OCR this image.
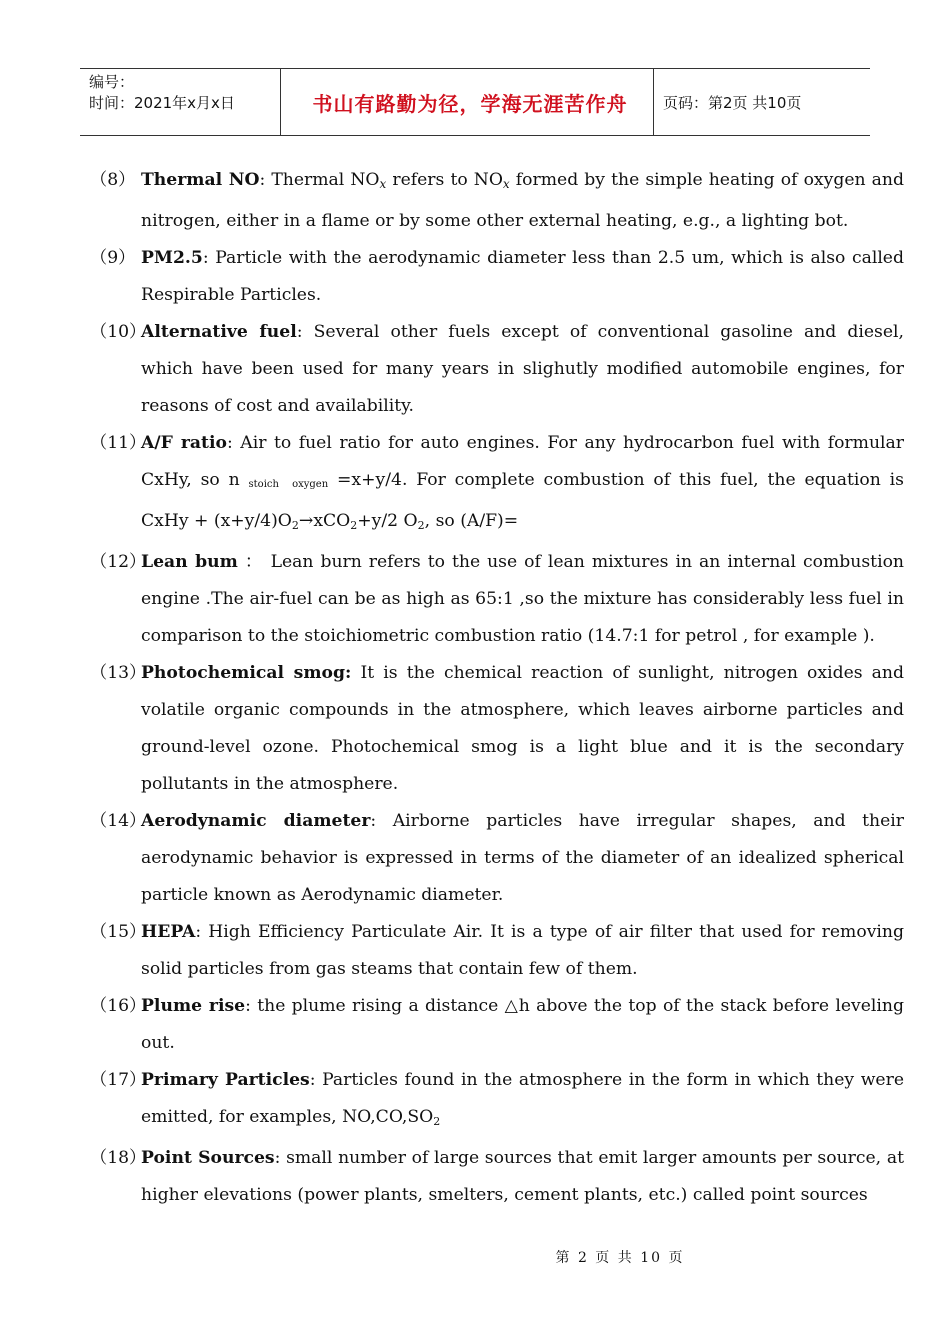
编号：
时间：2021年x月x日	书山有路勤为径，学海无涯苦作舟	页码：第2页 共10页
（8） Thermal NO: Thermal NOx refers to NOx formed by the simple heating of oxygen and nitrogen, either in a flame or by some other external heating, e.g., a lighting bot.
（9） PM2.5: Particle with the aerodynamic diameter less than 2.5 um, which is also called Respirable Particles.
（10）
Alternative fuel: Several other fuels except of conventional gasoline and diesel, which have been used for many years in slighutly modified automobile engines, for reasons of cost and availability.
（11）
A/F ratio: Air to fuel ratio for auto engines. For any hydrocarbon fuel with formular CxHy, so n stoich  oxygen =x+y/4. For complete combustion of this fuel, the equation is CxHy + $(x+y/4)O_2\to xCO_2+y/2$ $O_2$, so (A/F)=
（12）
Lean bum ： Lean burn refers to the use of lean mixtures in an internal combustion engine .The air-fuel can be as high as 65:1 ,so the mixture has considerably less fuel in comparison to the stoichiometric combustion ratio (14.7:1 for petrol , for example ).
（13）
Photochemical smog: It is the chemical reaction of sunlight, nitrogen oxides and volatile organic compounds in the atmosphere, which leaves airborne particles and ground-level ozone. Photochemical smog is a light blue and it is the secondary pollutants in the atmosphere.
（14）
Aerodynamic diameter: Airborne particles have irregular shapes, and their aerodynamic behavior is expressed in terms of the diameter of an idealized spherical particle known as Aerodynamic diameter.
（15）
HEPA: High Efficiency Particulate Air. It is a type of air filter that used for removing solid particles from gas steams that contain few of them.
（16）
Plume rise: the plume rising a distance △h above the top of the stack before leveling out.
（17）
Primary Particles: Particles found in the atmosphere in the form in which they were emitted, for examples, $NO,CO,SO_2$
（18）
Point Sources: small number of large sources that emit larger amounts per source, at higher elevations (power plants, smelters, cement plants, etc.) called point sources
第 2 页 共 10 页
